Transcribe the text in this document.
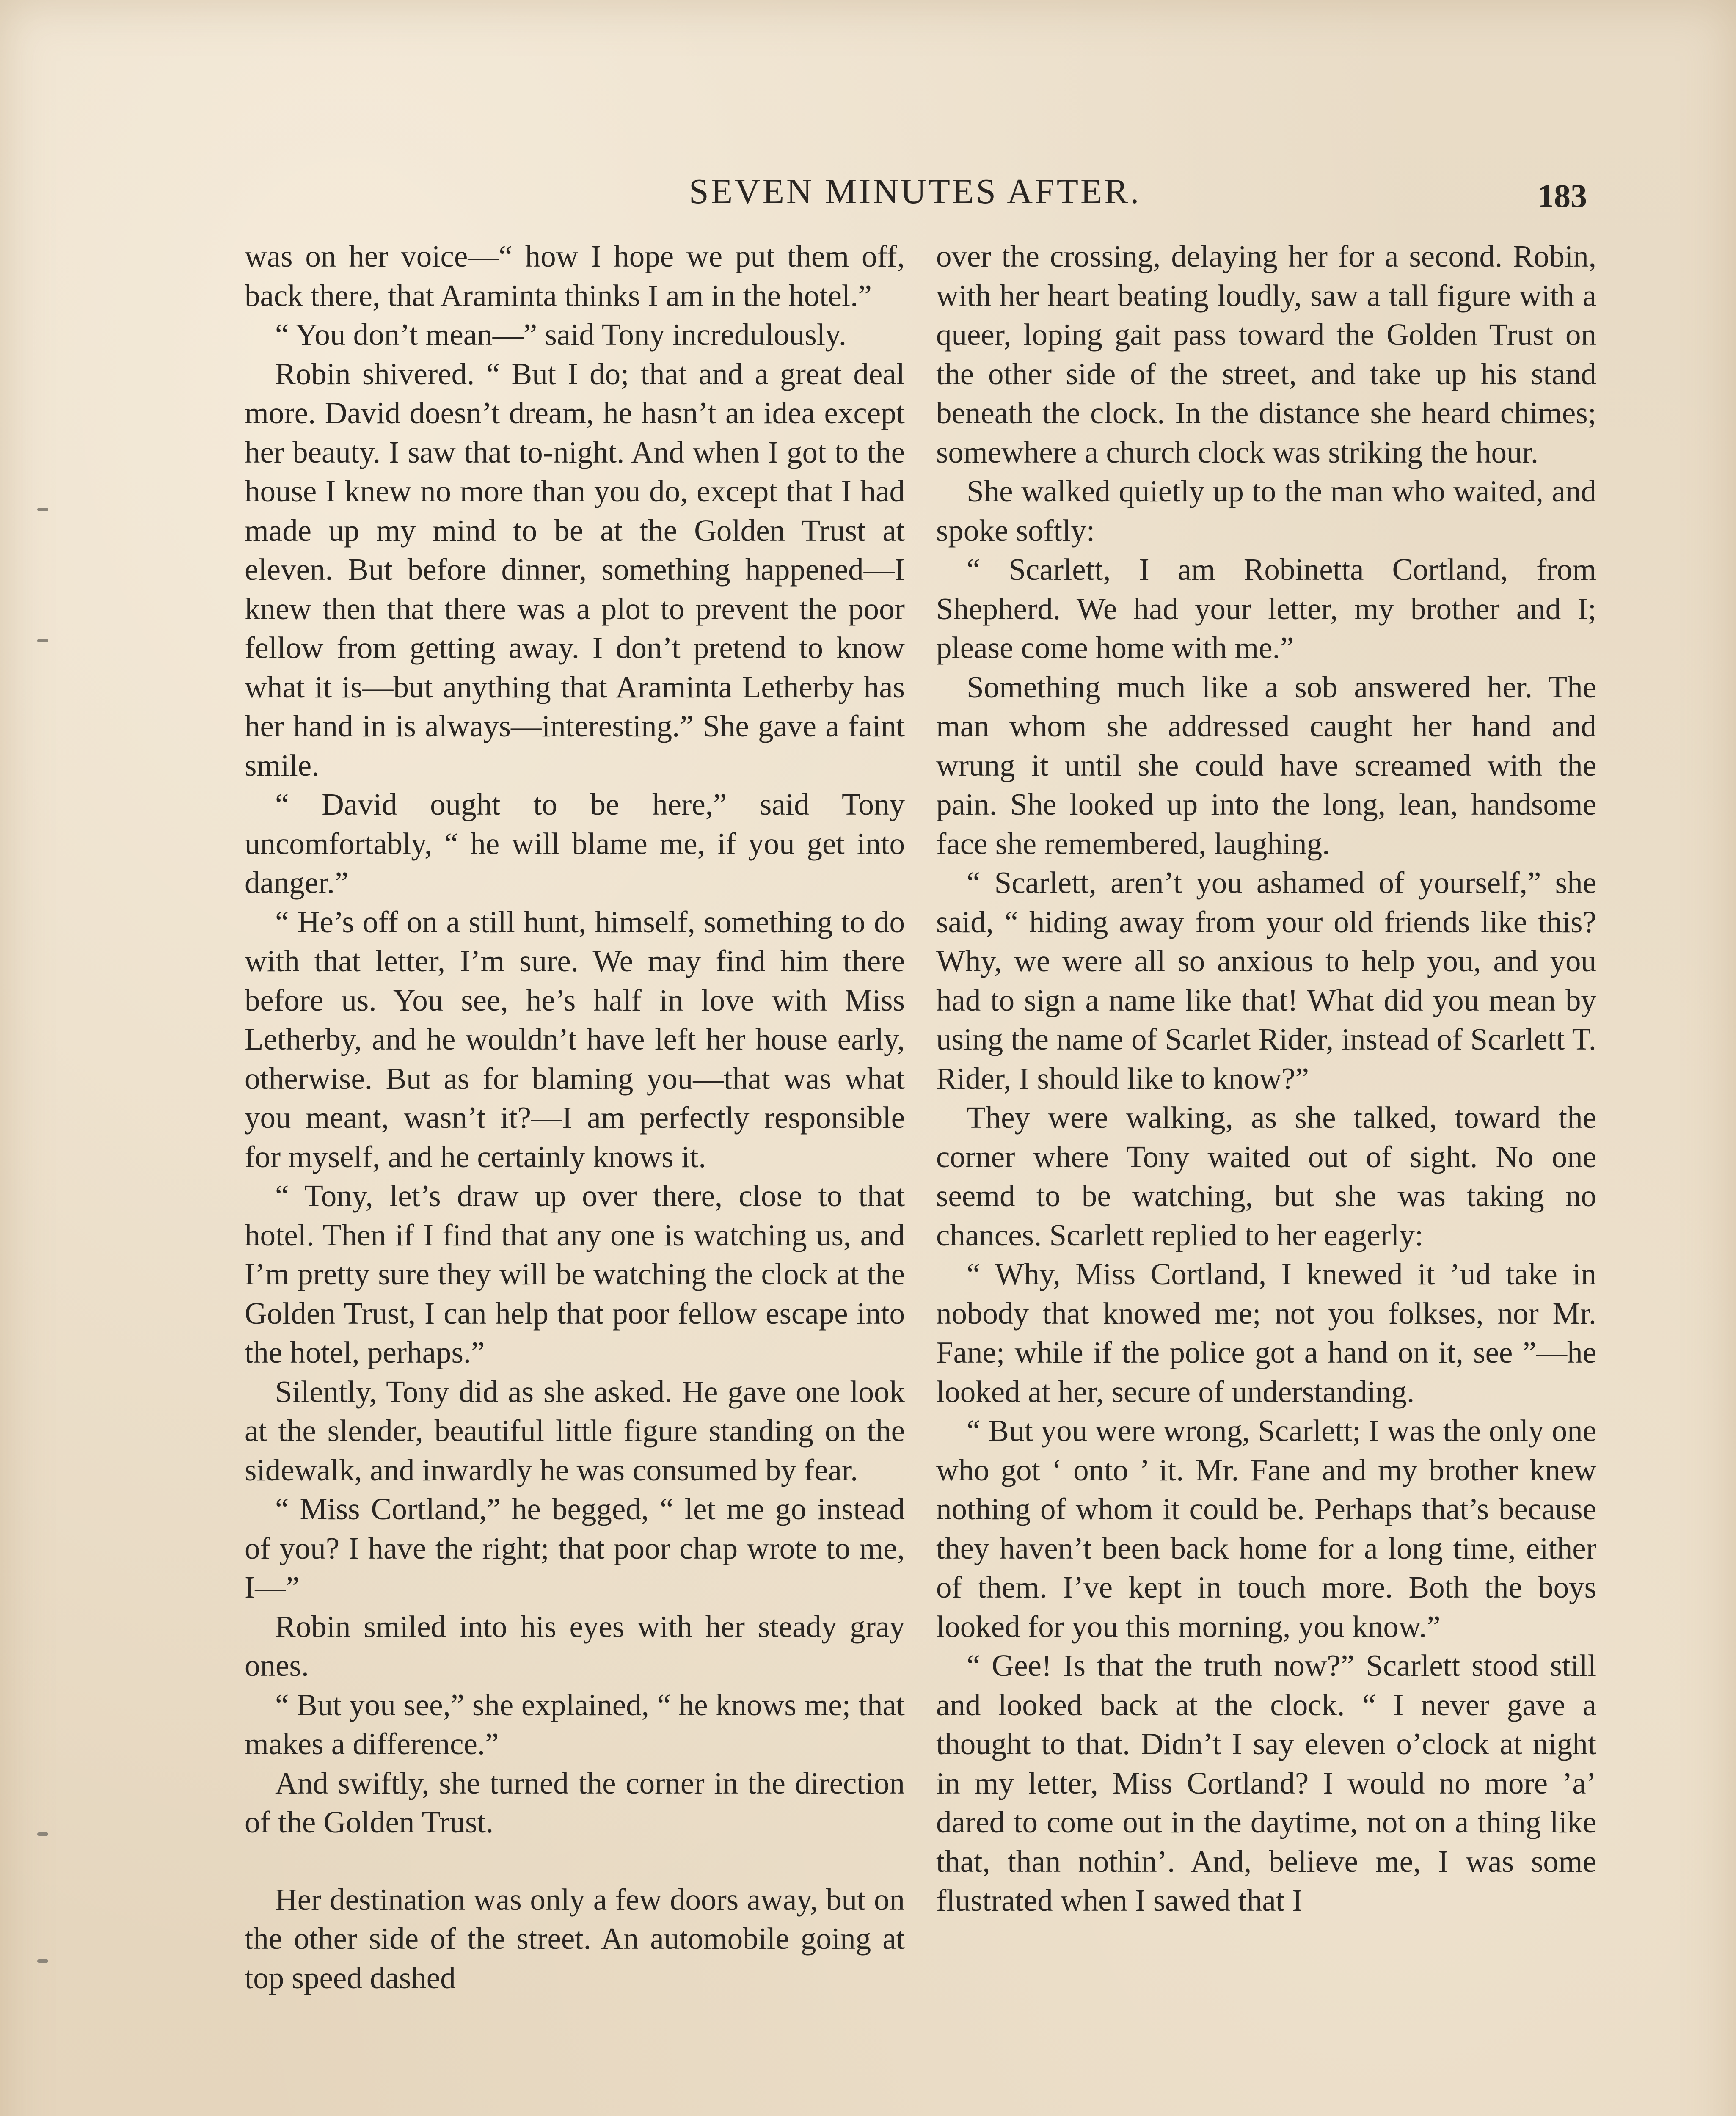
SEVEN MINUTES AFTER.	183

was on her voice—“ how I hope we put them off, back there, that Araminta thinks I am in the hotel.”

“ You don’t mean—” said Tony incredulously.

Robin shivered. “ But I do; that and a great deal more. David doesn’t dream, he hasn’t an idea except her beauty. I saw that to-night. And when I got to the house I knew no more than you do, except that I had made up my mind to be at the Golden Trust at eleven. But before dinner, something happened—I knew then that there was a plot to prevent the poor fellow from getting away. I don’t pretend to know what it is—but anything that Araminta Letherby has her hand in is always—interesting.” She gave a faint smile.

“ David ought to be here,” said Tony uncomfortably, “ he will blame me, if you get into danger.”

“ He’s off on a still hunt, himself, something to do with that letter, I’m sure. We may find him there before us. You see, he’s half in love with Miss Letherby, and he wouldn’t have left her house early, otherwise. But as for blaming you—that was what you meant, wasn’t it?—I am perfectly responsible for myself, and he certainly knows it.

“ Tony, let’s draw up over there, close to that hotel. Then if I find that any one is watching us, and I’m pretty sure they will be watching the clock at the Golden Trust, I can help that poor fellow escape into the hotel, perhaps.”

Silently, Tony did as she asked. He gave one look at the slender, beautiful little figure standing on the sidewalk, and inwardly he was consumed by fear.

“ Miss Cortland,” he begged, “ let me go instead of you? I have the right; that poor chap wrote to me, I—”

Robin smiled into his eyes with her steady gray ones.

“ But you see,” she explained, “ he knows me; that makes a difference.”

And swiftly, she turned the corner in the direction of the Golden Trust.

Her destination was only a few doors away, but on the other side of the street. An automobile going at top speed dashed

over the crossing, delaying her for a second. Robin, with her heart beating loudly, saw a tall figure with a queer, loping gait pass toward the Golden Trust on the other side of the street, and take up his stand beneath the clock. In the distance she heard chimes; somewhere a church clock was striking the hour.

She walked quietly up to the man who waited, and spoke softly:

“ Scarlett, I am Robinetta Cortland, from Shepherd. We had your letter, my brother and I; please come home with me.”

Something much like a sob answered her. The man whom she addressed caught her hand and wrung it until she could have screamed with the pain. She looked up into the long, lean, handsome face she remembered, laughing.

“ Scarlett, aren’t you ashamed of yourself,” she said, “ hiding away from your old friends like this? Why, we were all so anxious to help you, and you had to sign a name like that! What did you mean by using the name of Scarlet Rider, instead of Scarlett T. Rider, I should like to know?”

They were walking, as she talked, toward the corner where Tony waited out of sight. No one seemd to be watching, but she was taking no chances. Scarlett replied to her eagerly:

“ Why, Miss Cortland, I knewed it ’ud take in nobody that knowed me; not you folkses, nor Mr. Fane; while if the police got a hand on it, see ”—he looked at her, secure of understanding.

“ But you were wrong, Scarlett; I was the only one who got ‘ onto ’ it. Mr. Fane and my brother knew nothing of whom it could be. Perhaps that’s because they haven’t been back home for a long time, either of them. I’ve kept in touch more. Both the boys looked for you this morning, you know.”

“ Gee! Is that the truth now?” Scarlett stood still and looked back at the clock. “ I never gave a thought to that. Didn’t I say eleven o’clock at night in my letter, Miss Cortland? I would no more ’a’ dared to come out in the daytime, not on a thing like that, than nothin’. And, believe me, I was some flustrated when I sawed that I
